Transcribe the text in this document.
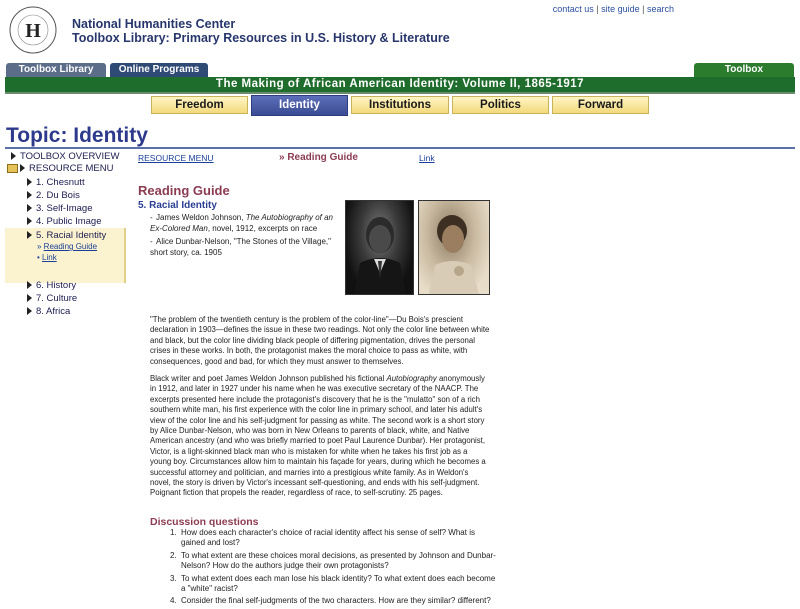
H National Humanities Center
Toolbox Library: Primary Resources in U.S. History & Literature
contact us | site guide | search
Toolbox Library	Online Programs	Toolbox
The Making of African American Identity: Volume II, 1865-1917
Freedom	Identity	Institutions	Politics	Forward
Topic: Identity
TOOLBOX OVERVIEW
RESOURCE MENU
1. Chesnutt
2. Du Bois
3. Self-Image
4. Public Image
5. Racial Identity
» Reading Guide
• Link
6. History
7. Culture
8. Africa
RESOURCE MENU	» Reading Guide	Link
Reading Guide
5. Racial Identity
- James Weldon Johnson, The Autobiography of an Ex-Colored Man, novel, 1912, excerpts on race
- Alice Dunbar-Nelson, "The Stones of the Village," short story, ca. 1905
"The problem of the twentieth century is the problem of the color-line"—Du Bois's prescient declaration in 1903—defines the issue in these two readings. Not only the color line between white and black, but the color line dividing black people of differing pigmentation, drives the personal crises in these works. In both, the protagonist makes the moral choice to pass as white, with consequences, good and bad, for which they must answer to themselves.
Black writer and poet James Weldon Johnson published his fictional Autobiography anonymously in 1912, and later in 1927 under his name when he was executive secretary of the NAACP. The excerpts presented here include the protagonist's discovery that he is the "mulatto" son of a rich southern white man, his first experience with the color line in primary school, and later his adult's view of the color line and his self-judgment for passing as white. The second work is a short story by Alice Dunbar-Nelson, who was born in New Orleans to parents of black, white, and Native American ancestry (and who was briefly married to poet Paul Laurence Dunbar). Her protagonist, Victor, is a light-skinned black man who is mistaken for white when he takes his first job as a young boy. Circumstances allow him to maintain his façade for years, during which he becomes a successful attorney and politician, and marries into a prestigious white family. As in Weldon's novel, the story is driven by Victor's incessant self-questioning, and ends with his self-judgment. Poignant fiction that propels the reader, regardless of race, to self-scrutiny. 25 pages.
Discussion questions
1. How does each character's choice of racial identity affect his sense of self? What is gained and lost?
2. To what extent are these choices moral decisions, as presented by Johnson and Dunbar-Nelson? How do the authors judge their own protagonists?
3. To what extent does each man lose his black identity? To what extent does each become a "white" racist?
4. Consider the final self-judgments of the two characters. How are they similar? different?
